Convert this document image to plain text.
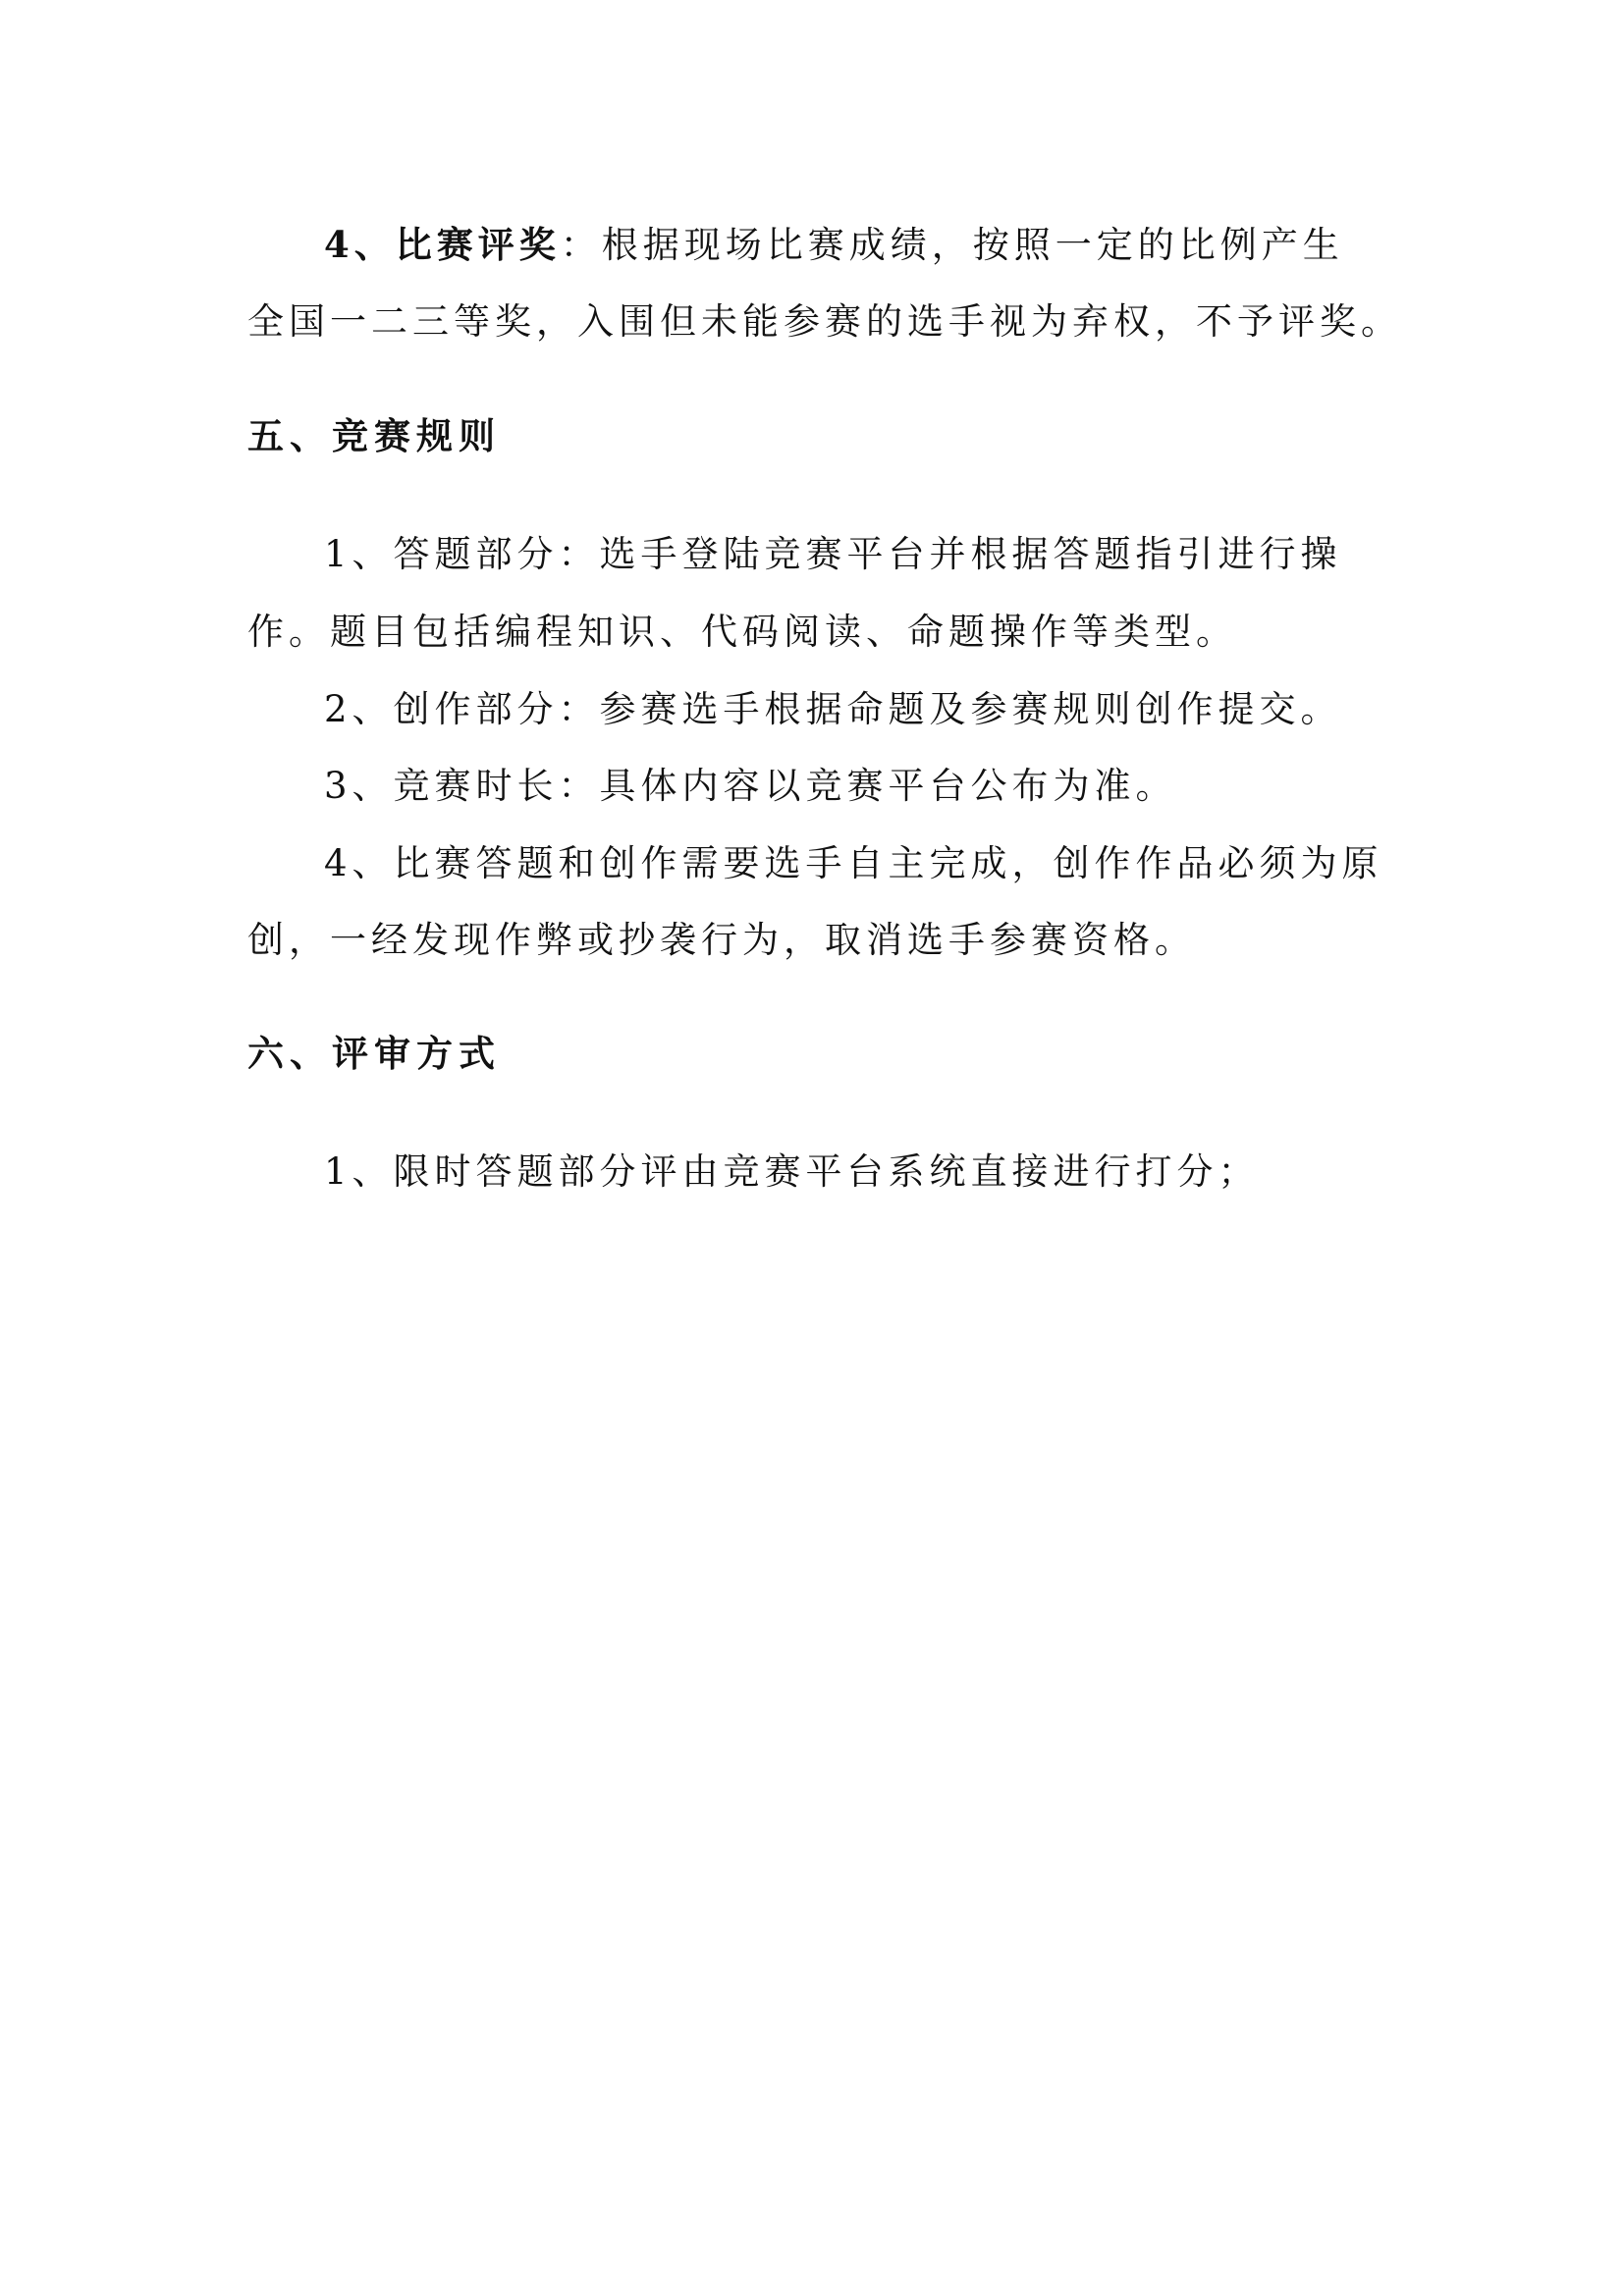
4、比赛评奖：根据现场比赛成绩，按照一定的比例产生
全国一二三等奖，入围但未能参赛的选手视为弃权，不予评奖。
五、竞赛规则
1、答题部分：选手登陆竞赛平台并根据答题指引进行操
作。题目包括编程知识、代码阅读、命题操作等类型。
2、创作部分：参赛选手根据命题及参赛规则创作提交。
3、竞赛时长：具体内容以竞赛平台公布为准。
4、比赛答题和创作需要选手自主完成，创作作品必须为原
创，一经发现作弊或抄袭行为，取消选手参赛资格。
六、评审方式
1、限时答题部分评由竞赛平台系统直接进行打分；
